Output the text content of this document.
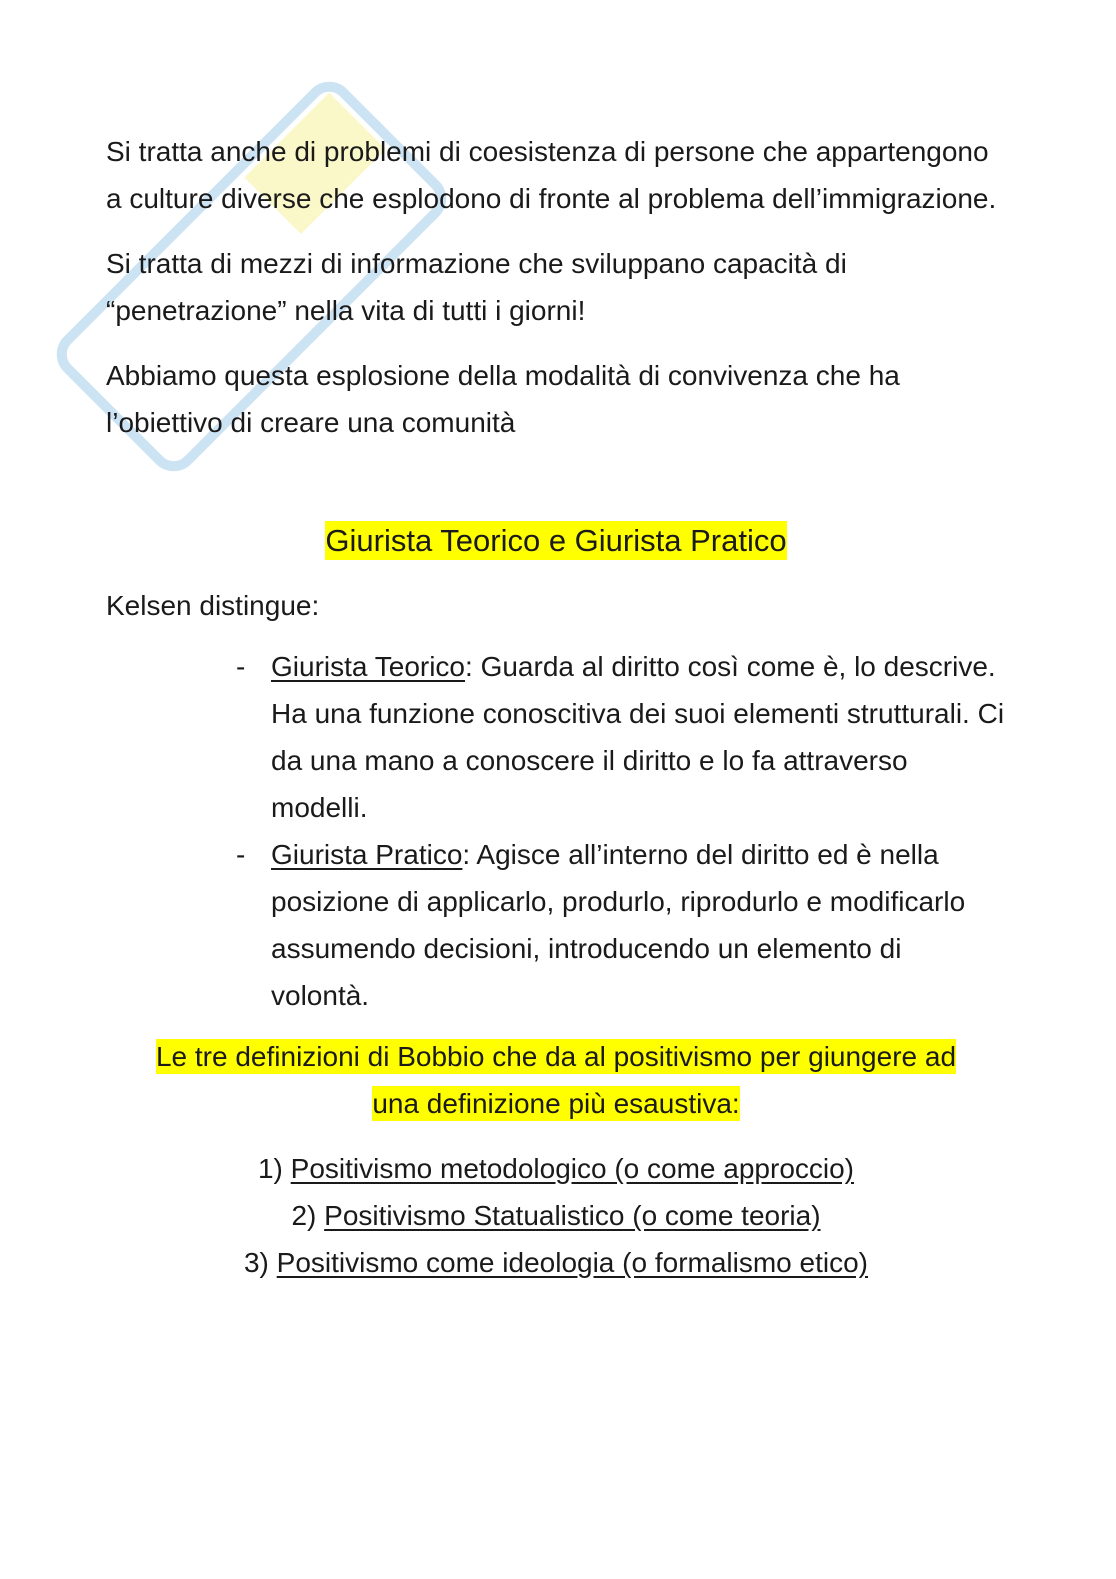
Si tratta anche di problemi di coesistenza di persone che appartengono a culture diverse che esplodono di fronte al problema dell’immigrazione.

Si tratta di mezzi di informazione che sviluppano capacità di “penetrazione” nella vita di tutti i giorni!

Abbiamo questa esplosione della modalità di convivenza che ha l’obiettivo di creare una comunità

Giurista Teorico e Giurista Pratico

Kelsen distingue:

- Giurista Teorico: Guarda al diritto così come è, lo descrive. Ha una funzione conoscitiva dei suoi elementi strutturali. Ci da una mano a conoscere il diritto e lo fa attraverso modelli.
- Giurista Pratico: Agisce all’interno del diritto ed è nella posizione di applicarlo, produrlo, riprodurlo e modificarlo assumendo decisioni, introducendo un elemento di volontà.
Le tre definizioni di Bobbio che da al positivismo per giungere ad
una definizione più esaustiva:
1) Positivismo metodologico (o come approccio)
2) Positivismo Statualistico (o come teoria)
3) Positivismo come ideologia (o formalismo etico)
